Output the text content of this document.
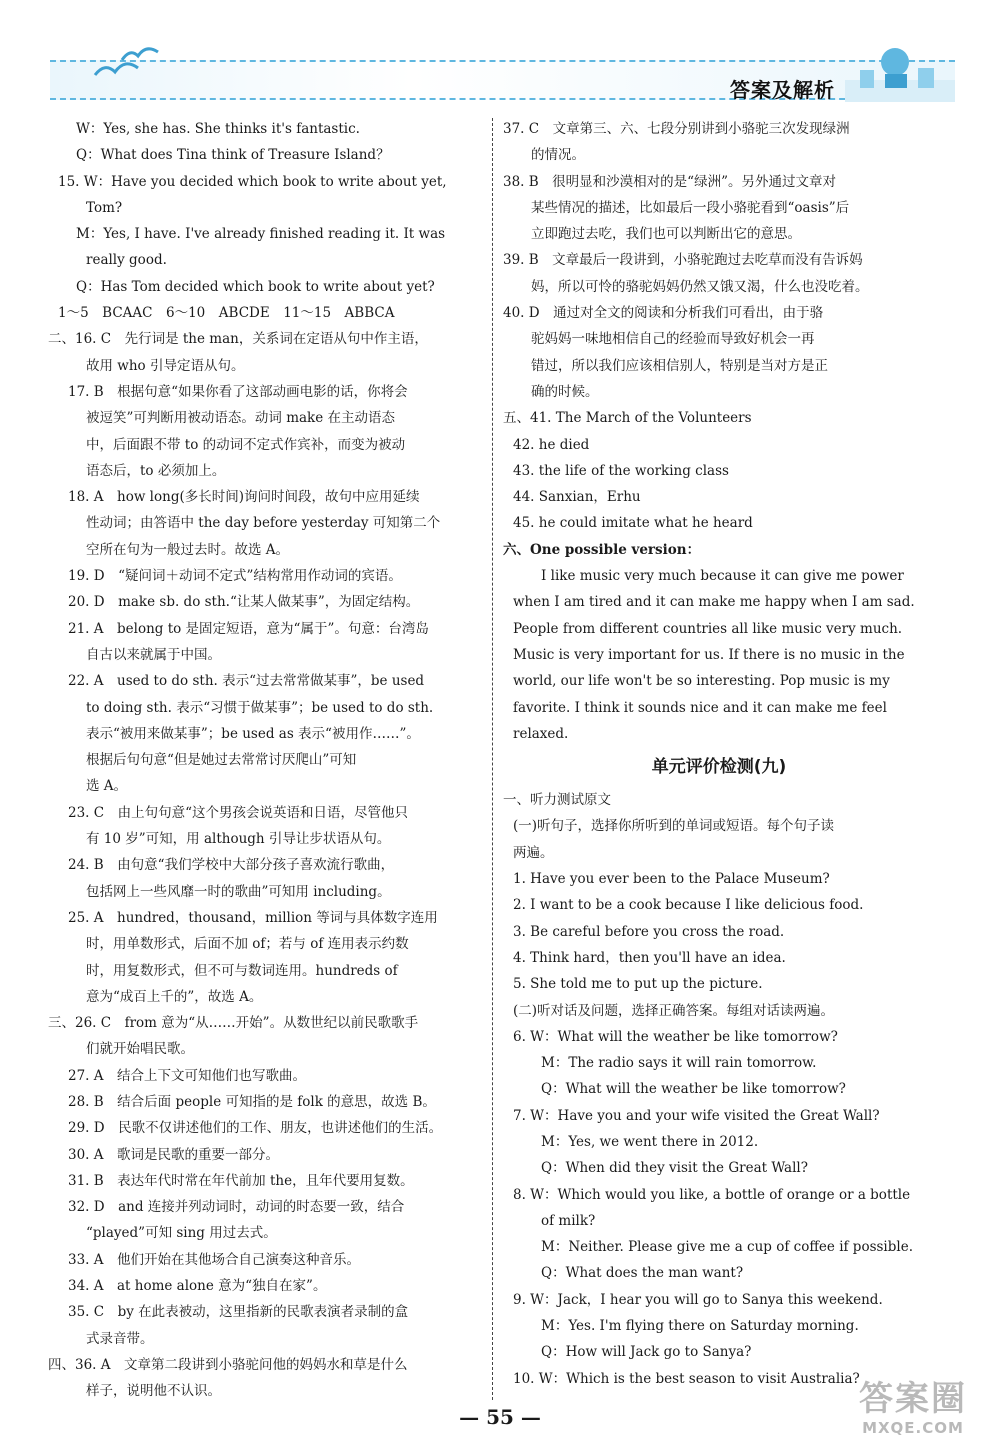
答案及解析
W：Yes, she has. She thinks it's fantastic.
Q：What does Tina think of Treasure Island？
15. W：Have you decided which book to write about yet,
Tom?
M：Yes, I have. I've already finished reading it. It was
really good.
Q：Has Tom decided which book to write about yet?
1～5　BCAAC　6～10　ABCDE　11～15　ABBCA
二、16. C　先行词是 the man，关系词在定语从句中作主语，
故用 who 引导定语从句。
17. B　根据句意“如果你看了这部动画电影的话，你将会
被逗笑”可判断用被动语态。动词 make 在主动语态
中，后面跟不带 to 的动词不定式作宾补，而变为被动
语态后，to 必须加上。
18. A　how long(多长时间)询问时间段，故句中应用延续
性动词；由答语中 the day before yesterday 可知第二个
空所在句为一般过去时。故选 A。
19. D　“疑问词＋动词不定式”结构常用作动词的宾语。
20. D　make sb. do sth.“让某人做某事”，为固定结构。
21. A　belong to 是固定短语，意为“属于”。句意：台湾岛
自古以来就属于中国。
22. A　used to do sth. 表示“过去常常做某事”，be used
to doing sth. 表示“习惯于做某事”；be used to do sth.
表示“被用来做某事”；be used as 表示“被用作……”。
根据后句句意“但是她过去常常讨厌爬山”可知
选 A。
23. C　由上句句意“这个男孩会说英语和日语，尽管他只
有 10 岁”可知，用 although 引导让步状语从句。
24. B　由句意“我们学校中大部分孩子喜欢流行歌曲，
包括网上一些风靡一时的歌曲”可知用 including。
25. A　hundred，thousand，million 等词与具体数字连用
时，用单数形式，后面不加 of；若与 of 连用表示约数
时，用复数形式，但不可与数词连用。hundreds of
意为“成百上千的”，故选 A。
三、26. C　from 意为“从……开始”。从数世纪以前民歌歌手
们就开始唱民歌。
27. A　结合上下文可知他们也写歌曲。
28. B　结合后面 people 可知指的是 folk 的意思，故选 B。
29. D　民歌不仅讲述他们的工作、朋友，也讲述他们的生活。
30. A　歌词是民歌的重要一部分。
31. B　表达年代时常在年代前加 the，且年代要用复数。
32. D　and 连接并列动词时，动词的时态要一致，结合
“played”可知 sing 用过去式。
33. A　他们开始在其他场合自己演奏这种音乐。
34. A　at home alone 意为“独自在家”。
35. C　by 在此表被动，这里指新的民歌表演者录制的盒
式录音带。
四、36. A　文章第二段讲到小骆驼问他的妈妈水和草是什么
样子，说明他不认识。
37. C　文章第三、六、七段分别讲到小骆驼三次发现绿洲
的情况。
38. B　很明显和沙漠相对的是“绿洲”。另外通过文章对
某些情况的描述，比如最后一段小骆驼看到“oasis”后
立即跑过去吃，我们也可以判断出它的意思。
39. B　文章最后一段讲到，小骆驼跑过去吃草而没有告诉妈
妈，所以可怜的骆驼妈妈仍然又饿又渴，什么也没吃着。
40. D　通过对全文的阅读和分析我们可看出，由于骆
驼妈妈一味地相信自己的经验而导致好机会一再
错过，所以我们应该相信别人，特别是当对方是正
确的时候。
五、41. The March of the Volunteers
42. he died
43. the life of the working class
44. Sanxian，Erhu
45. he could imitate what he heard
六、One possible version：
I like music very much because it can give me power
when I am tired and it can make me happy when I am sad.
People from different countries all like music very much.
Music is very important for us. If there is no music in the
world, our life won't be so interesting. Pop music is my
favorite. I think it sounds nice and it can make me feel
relaxed.
单元评价检测(九)
一、听力测试原文
(一)听句子，选择你所听到的单词或短语。每个句子读
两遍。
1. Have you ever been to the Palace Museum?
2. I want to be a cook because I like delicious food.
3. Be careful before you cross the road.
4. Think hard，then you'll have an idea.
5. She told me to put up the picture.
(二)听对话及问题，选择正确答案。每组对话读两遍。
6. W：What will the weather be like tomorrow?
M：The radio says it will rain tomorrow.
Q：What will the weather be like tomorrow?
7. W：Have you and your wife visited the Great Wall?
M：Yes, we went there in 2012.
Q：When did they visit the Great Wall?
8. W：Which would you like, a bottle of orange or a bottle
of milk?
M：Neither. Please give me a cup of coffee if possible.
Q：What does the man want?
9. W：Jack，I hear you will go to Sanya this weekend.
M：Yes. I'm flying there on Saturday morning.
Q：How will Jack go to Sanya?
10. W：Which is the best season to visit Australia?
— 55 —	答案圈
MXQE.COM
